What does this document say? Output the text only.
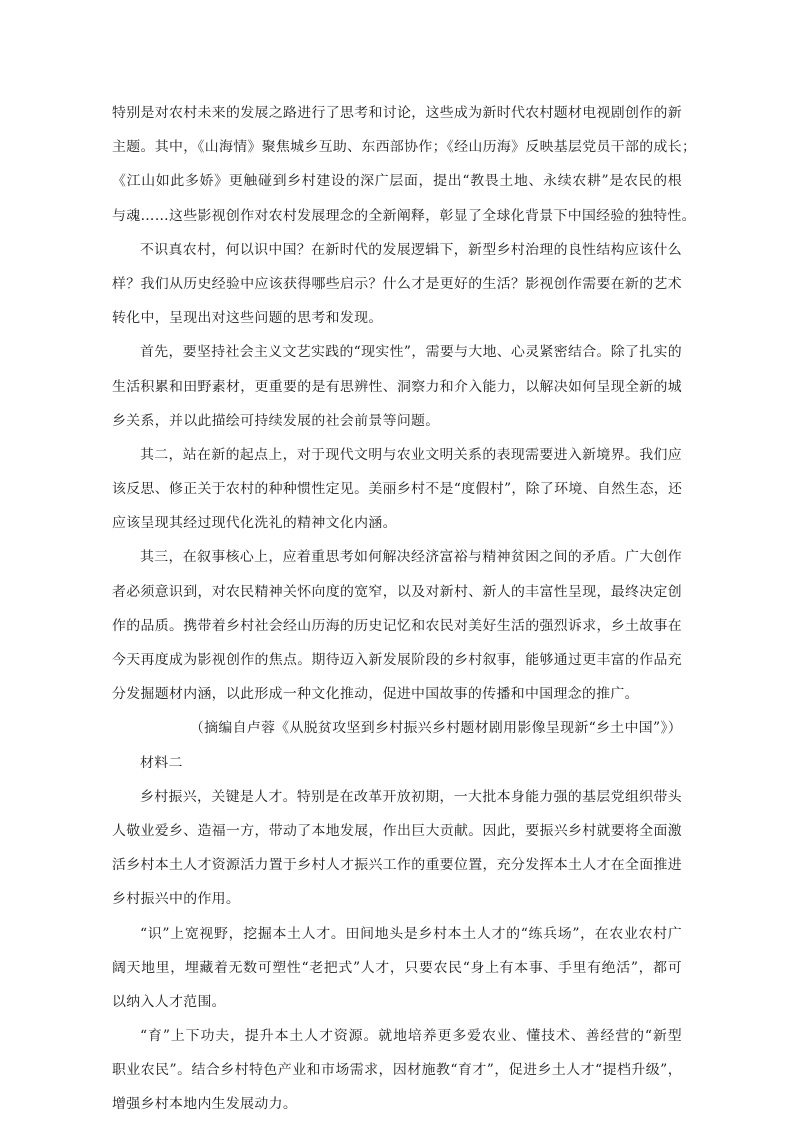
特别是对农村未来的发展之路进行了思考和讨论，这些成为新时代农村题材电视剧创作的新
主题。其中，《山海情》聚焦城乡互助、东西部协作；《经山历海》反映基层党员干部的成长；
《江山如此多娇》更触碰到乡村建设的深广层面，提出“教畏土地、永续农耕”是农民的根
与魂……这些影视创作对农村发展理念的全新阐释，彰显了全球化背景下中国经验的独特性。
不识真农村，何以识中国？在新时代的发展逻辑下，新型乡村治理的良性结构应该什么
样？我们从历史经验中应该获得哪些启示？什么才是更好的生活？影视创作需要在新的艺术
转化中，呈现出对这些问题的思考和发现。
首先，要坚持社会主义文艺实践的“现实性”，需要与大地、心灵紧密结合。除了扎实的
生活积累和田野素材，更重要的是有思辨性、洞察力和介入能力，以解决如何呈现全新的城
乡关系，并以此描绘可持续发展的社会前景等问题。
其二，站在新的起点上，对于现代文明与农业文明关系的表现需要进入新境界。我们应
该反思、修正关于农村的种种惯性定见。美丽乡村不是“度假村”，除了环境、自然生态，还
应该呈现其经过现代化洗礼的精神文化内涵。
其三，在叙事核心上，应着重思考如何解决经济富裕与精神贫困之间的矛盾。广大创作
者必须意识到，对农民精神关怀向度的宽窄，以及对新村、新人的丰富性呈现，最终决定创
作的品质。携带着乡村社会经山历海的历史记忆和农民对美好生活的强烈诉求，乡土故事在
今天再度成为影视创作的焦点。期待迈入新发展阶段的乡村叙事，能够通过更丰富的作品充
分发掘题材内涵，以此形成一种文化推动，促进中国故事的传播和中国理念的推广。
（摘编自卢蓉《从脱贫攻坚到乡村振兴乡村题材剧用影像呈现新“乡土中国”》）
材料二
乡村振兴，关键是人才。特别是在改革开放初期，一大批本身能力强的基层党组织带头
人敬业爱乡、造福一方，带动了本地发展，作出巨大贡献。因此，要振兴乡村就要将全面激
活乡村本土人才资源活力置于乡村人才振兴工作的重要位置，充分发挥本土人才在全面推进
乡村振兴中的作用。
“识”上宽视野，挖掘本土人才。田间地头是乡村本土人才的“练兵场”，在农业农村广
阔天地里，埋藏着无数可塑性“老把式”人才，只要农民“身上有本事、手里有绝活”，都可
以纳入人才范围。
“育”上下功夫，提升本土人才资源。就地培养更多爱农业、懂技术、善经营的“新型
职业农民”。结合乡村特色产业和市场需求，因材施教“育才”，促进乡土人才“提档升级”，
增强乡村本地内生发展动力。
